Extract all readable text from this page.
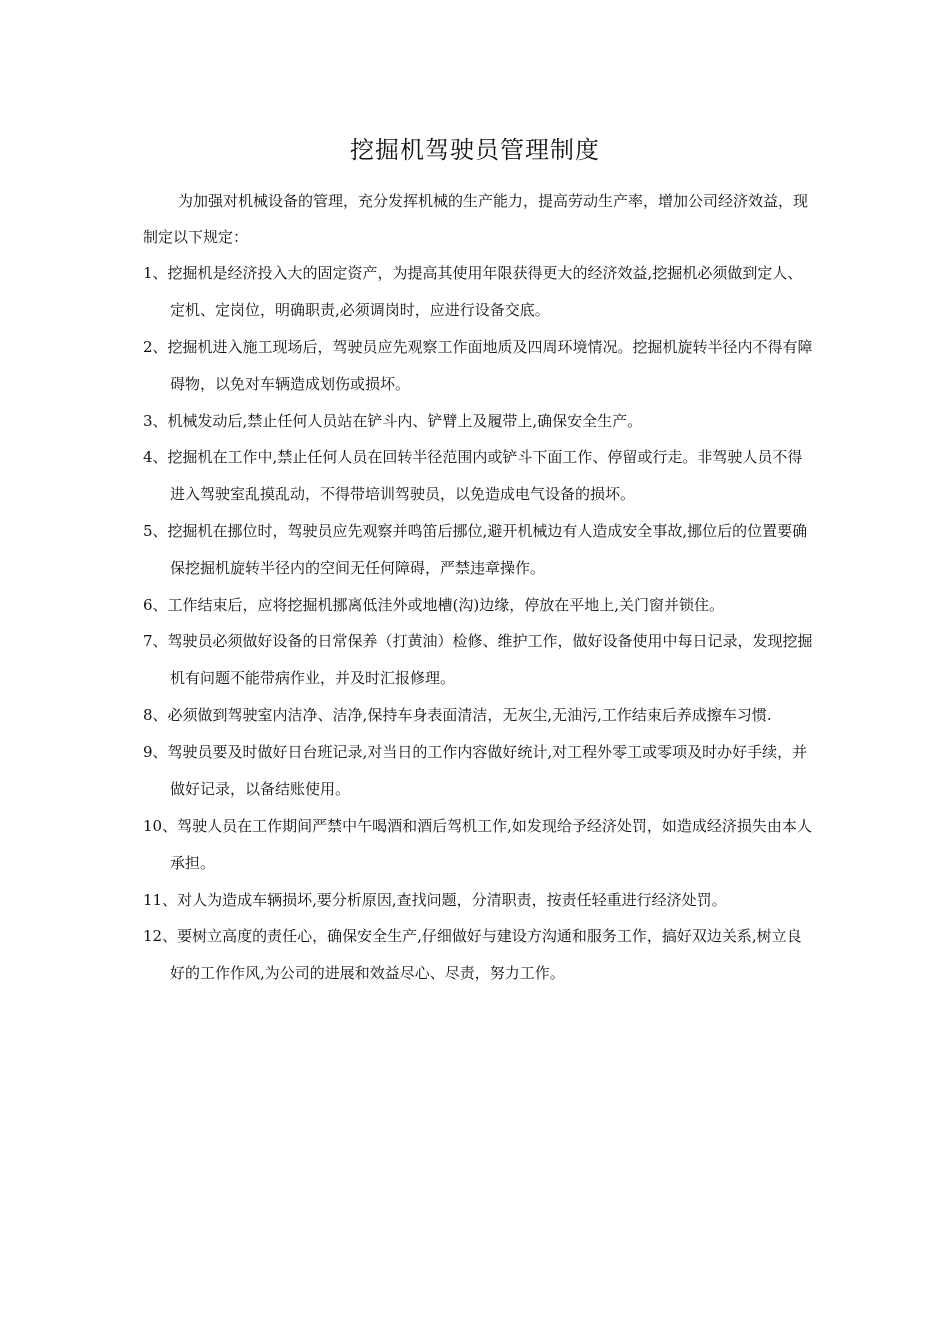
挖掘机驾驶员管理制度

为加强对机械设备的管理，充分发挥机械的生产能力，提高劳动生产率，增加公司经济效益，现制定以下规定：

1、挖掘机是经济投入大的固定资产，为提高其使用年限获得更大的经济效益,挖掘机必须做到定人、定机、定岗位，明确职责,必须调岗时，应进行设备交底。

2、挖掘机进入施工现场后，驾驶员应先观察工作面地质及四周环境情况。挖掘机旋转半径内不得有障碍物，以免对车辆造成划伤或损坏。

3、机械发动后,禁止任何人员站在铲斗内、铲臂上及履带上,确保安全生产。

4、挖掘机在工作中,禁止任何人员在回转半径范围内或铲斗下面工作、停留或行走。非驾驶人员不得进入驾驶室乱摸乱动，不得带培训驾驶员，以免造成电气设备的损坏。

5、挖掘机在挪位时，驾驶员应先观察并鸣笛后挪位,避开机械边有人造成安全事故,挪位后的位置要确保挖掘机旋转半径内的空间无任何障碍，严禁违章操作。

6、工作结束后，应将挖掘机挪离低洼外或地槽(沟)边缘，停放在平地上,关门窗并锁住。

7、驾驶员必须做好设备的日常保养（打黄油）检修、维护工作，做好设备使用中每日记录，发现挖掘机有问题不能带病作业，并及时汇报修理。

8、必须做到驾驶室内洁净、洁净,保持车身表面清洁，无灰尘,无油污,工作结束后养成擦车习惯.

9、驾驶员要及时做好日台班记录,对当日的工作内容做好统计,对工程外零工或零项及时办好手续，并做好记录，以备结账使用。

10、驾驶人员在工作期间严禁中午喝酒和酒后驾机工作,如发现给予经济处罚，如造成经济损失由本人承担。

11、对人为造成车辆损坏,要分析原因,查找问题，分清职责，按责任轻重进行经济处罚。

12、要树立高度的责任心，确保安全生产,仔细做好与建设方沟通和服务工作，搞好双边关系,树立良好的工作作风,为公司的进展和效益尽心、尽责，努力工作。
